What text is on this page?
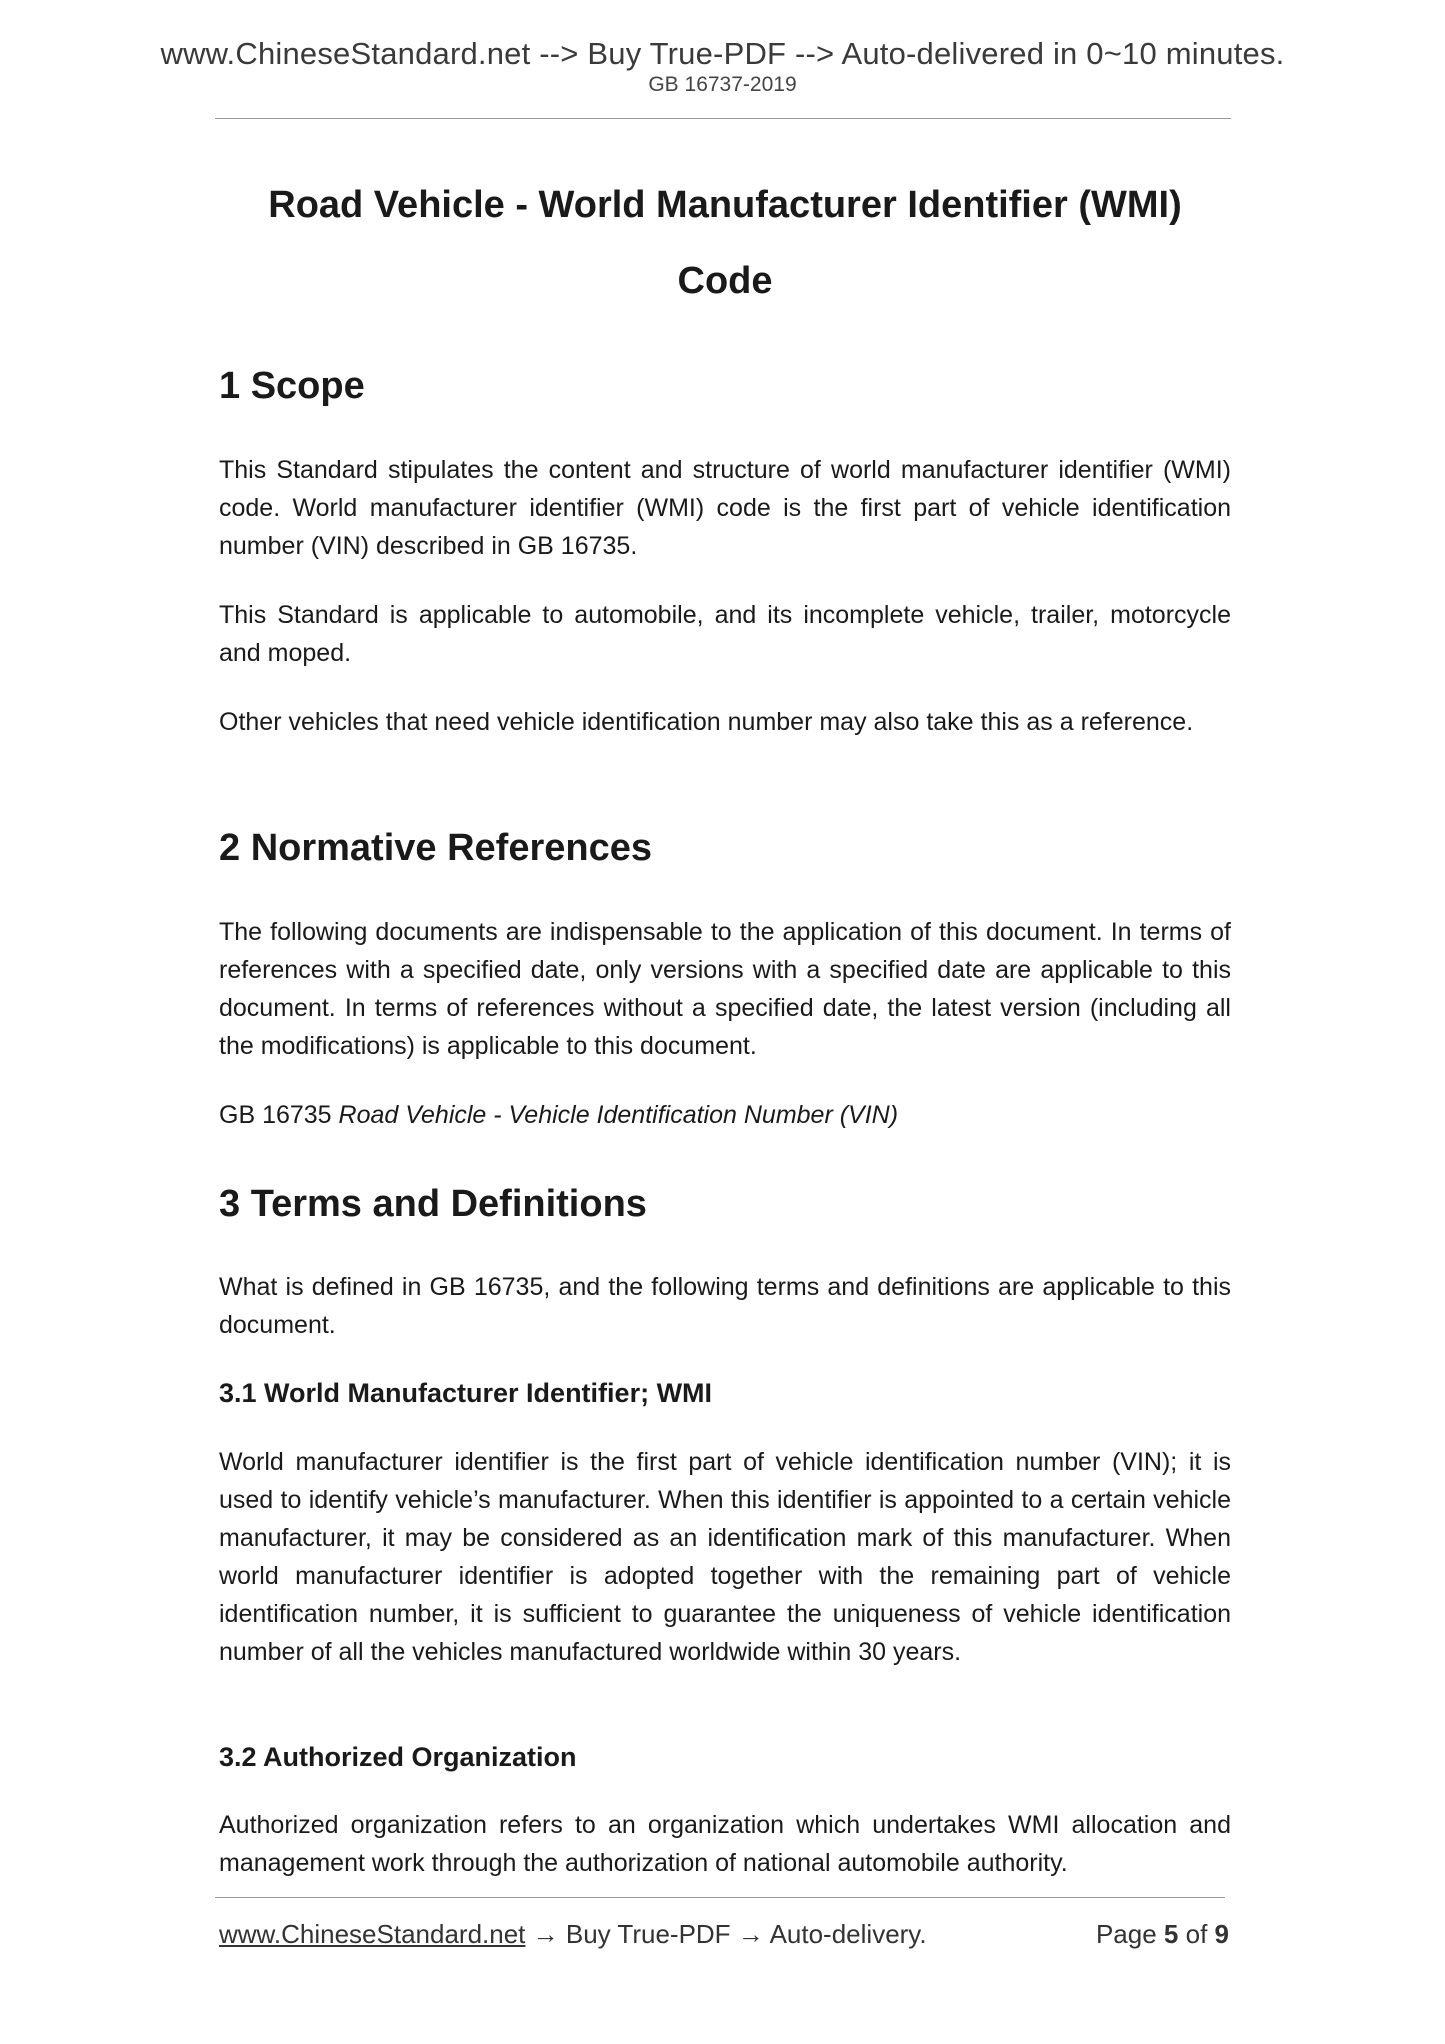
www.ChineseStandard.net --> Buy True-PDF --> Auto-delivered in 0~10 minutes.
GB 16737-2019
Road Vehicle - World Manufacturer Identifier (WMI)
Code
1 Scope

This Standard stipulates the content and structure of world manufacturer identifier (WMI) code. World manufacturer identifier (WMI) code is the first part of vehicle identification number (VIN) described in GB 16735.

This Standard is applicable to automobile, and its incomplete vehicle, trailer, motorcycle and moped.

Other vehicles that need vehicle identification number may also take this as a reference.

2 Normative References

The following documents are indispensable to the application of this document. In terms of references with a specified date, only versions with a specified date are applicable to this document. In terms of references without a specified date, the latest version (including all the modifications) is applicable to this document.

GB 16735 Road Vehicle - Vehicle Identification Number (VIN)
3 Terms and Definitions

What is defined in GB 16735, and the following terms and definitions are applicable to this document.

3.1 World Manufacturer Identifier; WMI

World manufacturer identifier is the first part of vehicle identification number (VIN); it is used to identify vehicle’s manufacturer. When this identifier is appointed to a certain vehicle manufacturer, it may be considered as an identification mark of this manufacturer. When world manufacturer identifier is adopted together with the remaining part of vehicle identification number, it is sufficient to guarantee the uniqueness of vehicle identification number of all the vehicles manufactured worldwide within 30 years.

3.2 Authorized Organization

Authorized organization refers to an organization which undertakes WMI allocation and management work through the authorization of national automobile authority.

www.ChineseStandard.net → Buy True-PDF → Auto-delivery.	Page 5 of 9
